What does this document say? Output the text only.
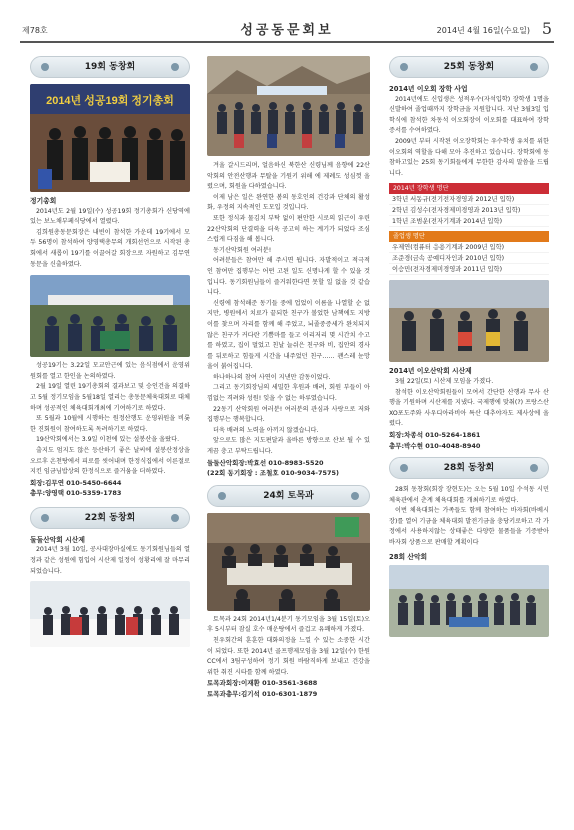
제78호	성공동문회보	2014년 4월 16일(수요일) 5
19회 동창회
2014년 성공19회 정기총회
정기총회

2014년도 2월 19일(수) 성공19회 정기총회가 신당역에 있는 보노채부페식당에서 열렸다.

김희원총동문회장은 내빈이 참석한 가운데 19기에서 모두 56명이 참석하여 양영택총무의 개회선언으로 시작된 총회에서 새롭이 19기를 이끌어갈 회장으로 자원하고 김무연동문을 신출하였다.

성공19기는 3.22일 모교안근에 있는 음식점에서 운영위원회를 열고 한인을 논의하였다.

2월 19일 열린 19기총회의 결과보고 및 승인건을 의결하고 5월 정기모임을 5월18일 열리는 총동문체육대회로 대체하며 성공적인 체육대회개최에 기여하기로 하였다.

또 5월과 10월에 시행하는 원정산행도 운영위원을 비롯한 진회원이 참여하도록 독려하기로 하였다.

19산악회에서는 3.9일 이천에 있는 설봉산을 올랐다.

출지도 엄지도 않은 등산하기 좋은 날씨에 설봉산정상을 오르후 온천탕에서 피로를 씻어내며 한정식집에서 이른절로 지킨 임금님밥상의 한정식으로 즐거움을 더하였다.

회장:김무연 010-5450-6644
총무:양영택 010-5359-1783
22회 동창회
둘둘산악회 시산제

2014년 3월 10일, 공사대장마실에도 동기회원님들의 열정과 같은 성원에 힘입어 시산제 일정이 성황리에 잘 마무리 되었습니다.

겨울 갈시드리며, 얼음하신 북한산 신령님께 음향에 22산악회의 안전산행과 무탈을 기원키 위해 에 제례도 성심껏 올렸으며, 회원을 다하였습니다.

이제 남은 일은 완연한 봄의 동호인의 건강과 단체의 활성화, 우정의 지속적인 도모입 것입니다.

또한 정식과 물김치 부탁 없이 편안한 시로의 읽근이 우린 22산악회의 단결력을 더욱 공고히 하는 계기가 되었다 조심스럽게 다짐을 해 봅니다.

동기산악회원 여러분!

어려분들은 참여만 해 주시면 됩니다. 자발적이고 적극적인 참여만 집행부는 어떤 고된 일도 신명나게 할 수 있을 것입니다. 동기회원님들이 즐거워한다면 못할 일 없을 것 같습니다.

신령에 참석해준 동기들 중에 업었이 이름을 나열할 순 없지만, 병원에서 치료가 끝되한 친구가 볼었한 남책에도 지방이를 찾으며 자리를 함께 해 주었고, 뇌졸중증세가 완치되지 않은 친구가 커다란 기쁨마를 들고 이리저리 몇 시간치 수고를 하였고, 집이 멀었고 친날 늘쉬은 친구와 비, 집안의 경사를 뒤로하고 힘들게 시간을 내주었던 친구…… 괜스레 눈망울이 붉어집니다.

하나하나의 참여 사연이 지낸만 감동이었다.

그리고 동기회장님의 세밀한 후원과 배려, 회원 부들이 아낌없는 격려와 성원! 잊을 수 없는 하루였습니다.

22동기 산악회원 여러분! 여러분의 관심과 사랑으로 저와 집행부는 행복합니다.

더욱 배려의 노력을 아끼지 않겠습니다.

앞으로도 많은 지도편달과 울바른 방향으로 산보 될 수 있게끔 충고 부탁드립니다.

둘둘산악회장:박효선 010-8983-5520
(22회 동기회장 : 조철호 010-9034-7575)
24회 토목과

토목과 24회 2014년1/4분기 동기모임을 3월 15일(토)오후 5시부터 잠실 호수 매운탕에서 즐겁고 유쾌하게 가졌다.

친우회간의 훈훈한 대화의정을 느낄 수 있는 소중한 시간이 되었다. 또한 2014년 골프행제모임을 3월 12일(수) 한원CC에서 3팀구성하여 정기 회원 바람직하게 보내고 건강을 위한 취진 시타를 함께 하였다.

토목과회장:이재환 010-3561-3688
토목과총무:김기석 010-6301-1879
25회 동창회
2014년 이오회 장학 사업

2014년에도 신입생은 성적우수(자석입학) 장학생 1명을 신발하여 졸업때까지 장학금을 지원합니다. 지난 3월3일 입학식에 참석한 차동석 이오회장이 이오회를 대표하여 장학증서를 수여하였다.

2009년 부터 시작된 이오장학회는 우수학생 유치를 위한 이오회의 역할을 다해 모아 추진하고 있습니다. 장학회에 동참하고있는 25회 동기회들에게 무한한 감사의 말씀을 드립니다.

2014년 장학생 명단
3학년 서동규(전기전자경영과 2012년 입학)
2학년 김성수(전자경제미경영과 2013년 입학)
1학년 조범운(전자기계과 2014년 입학)
졸업생 명단
우제연(컴퓨터 응용기계과 2009년 입학)
조준경(금속 공예디자인과 2010년 입학)
이승민(전자경제미경영과 2011년 입학)
2014년 이오산악회 시산제

3월 22일(토) 시산제 모임을 가졌다.

참석한 이오산악회원들이 모여서 간단한 산행과 무사 산행을 기원하며 시산제를 지냈다. 국제행에 맞춰(?) 프랑스산 XO포도주와 사우디아라비아 특산 대추야자도 제사상에 올렸다.

회장:차종석 010-5264-1861
총무:박수현 010-4048-8940
28회 동창회

28회 동창회(회장 장현도)는 오는 5월 10일 수석동 시민체육관에서 춘계 체육대회를 개최하기로 하였다.

이번 체육대회는 가족들도 함께 참여하는 바자회(바베시장)를 열어 기금을 체육대회 발전기금을 충당키로하고 각 가정에서 사용하지않는 상태좋은 다양한 물품들을 기증받아 바자회 상품으로 판매할 계획이다

28회 산악회
